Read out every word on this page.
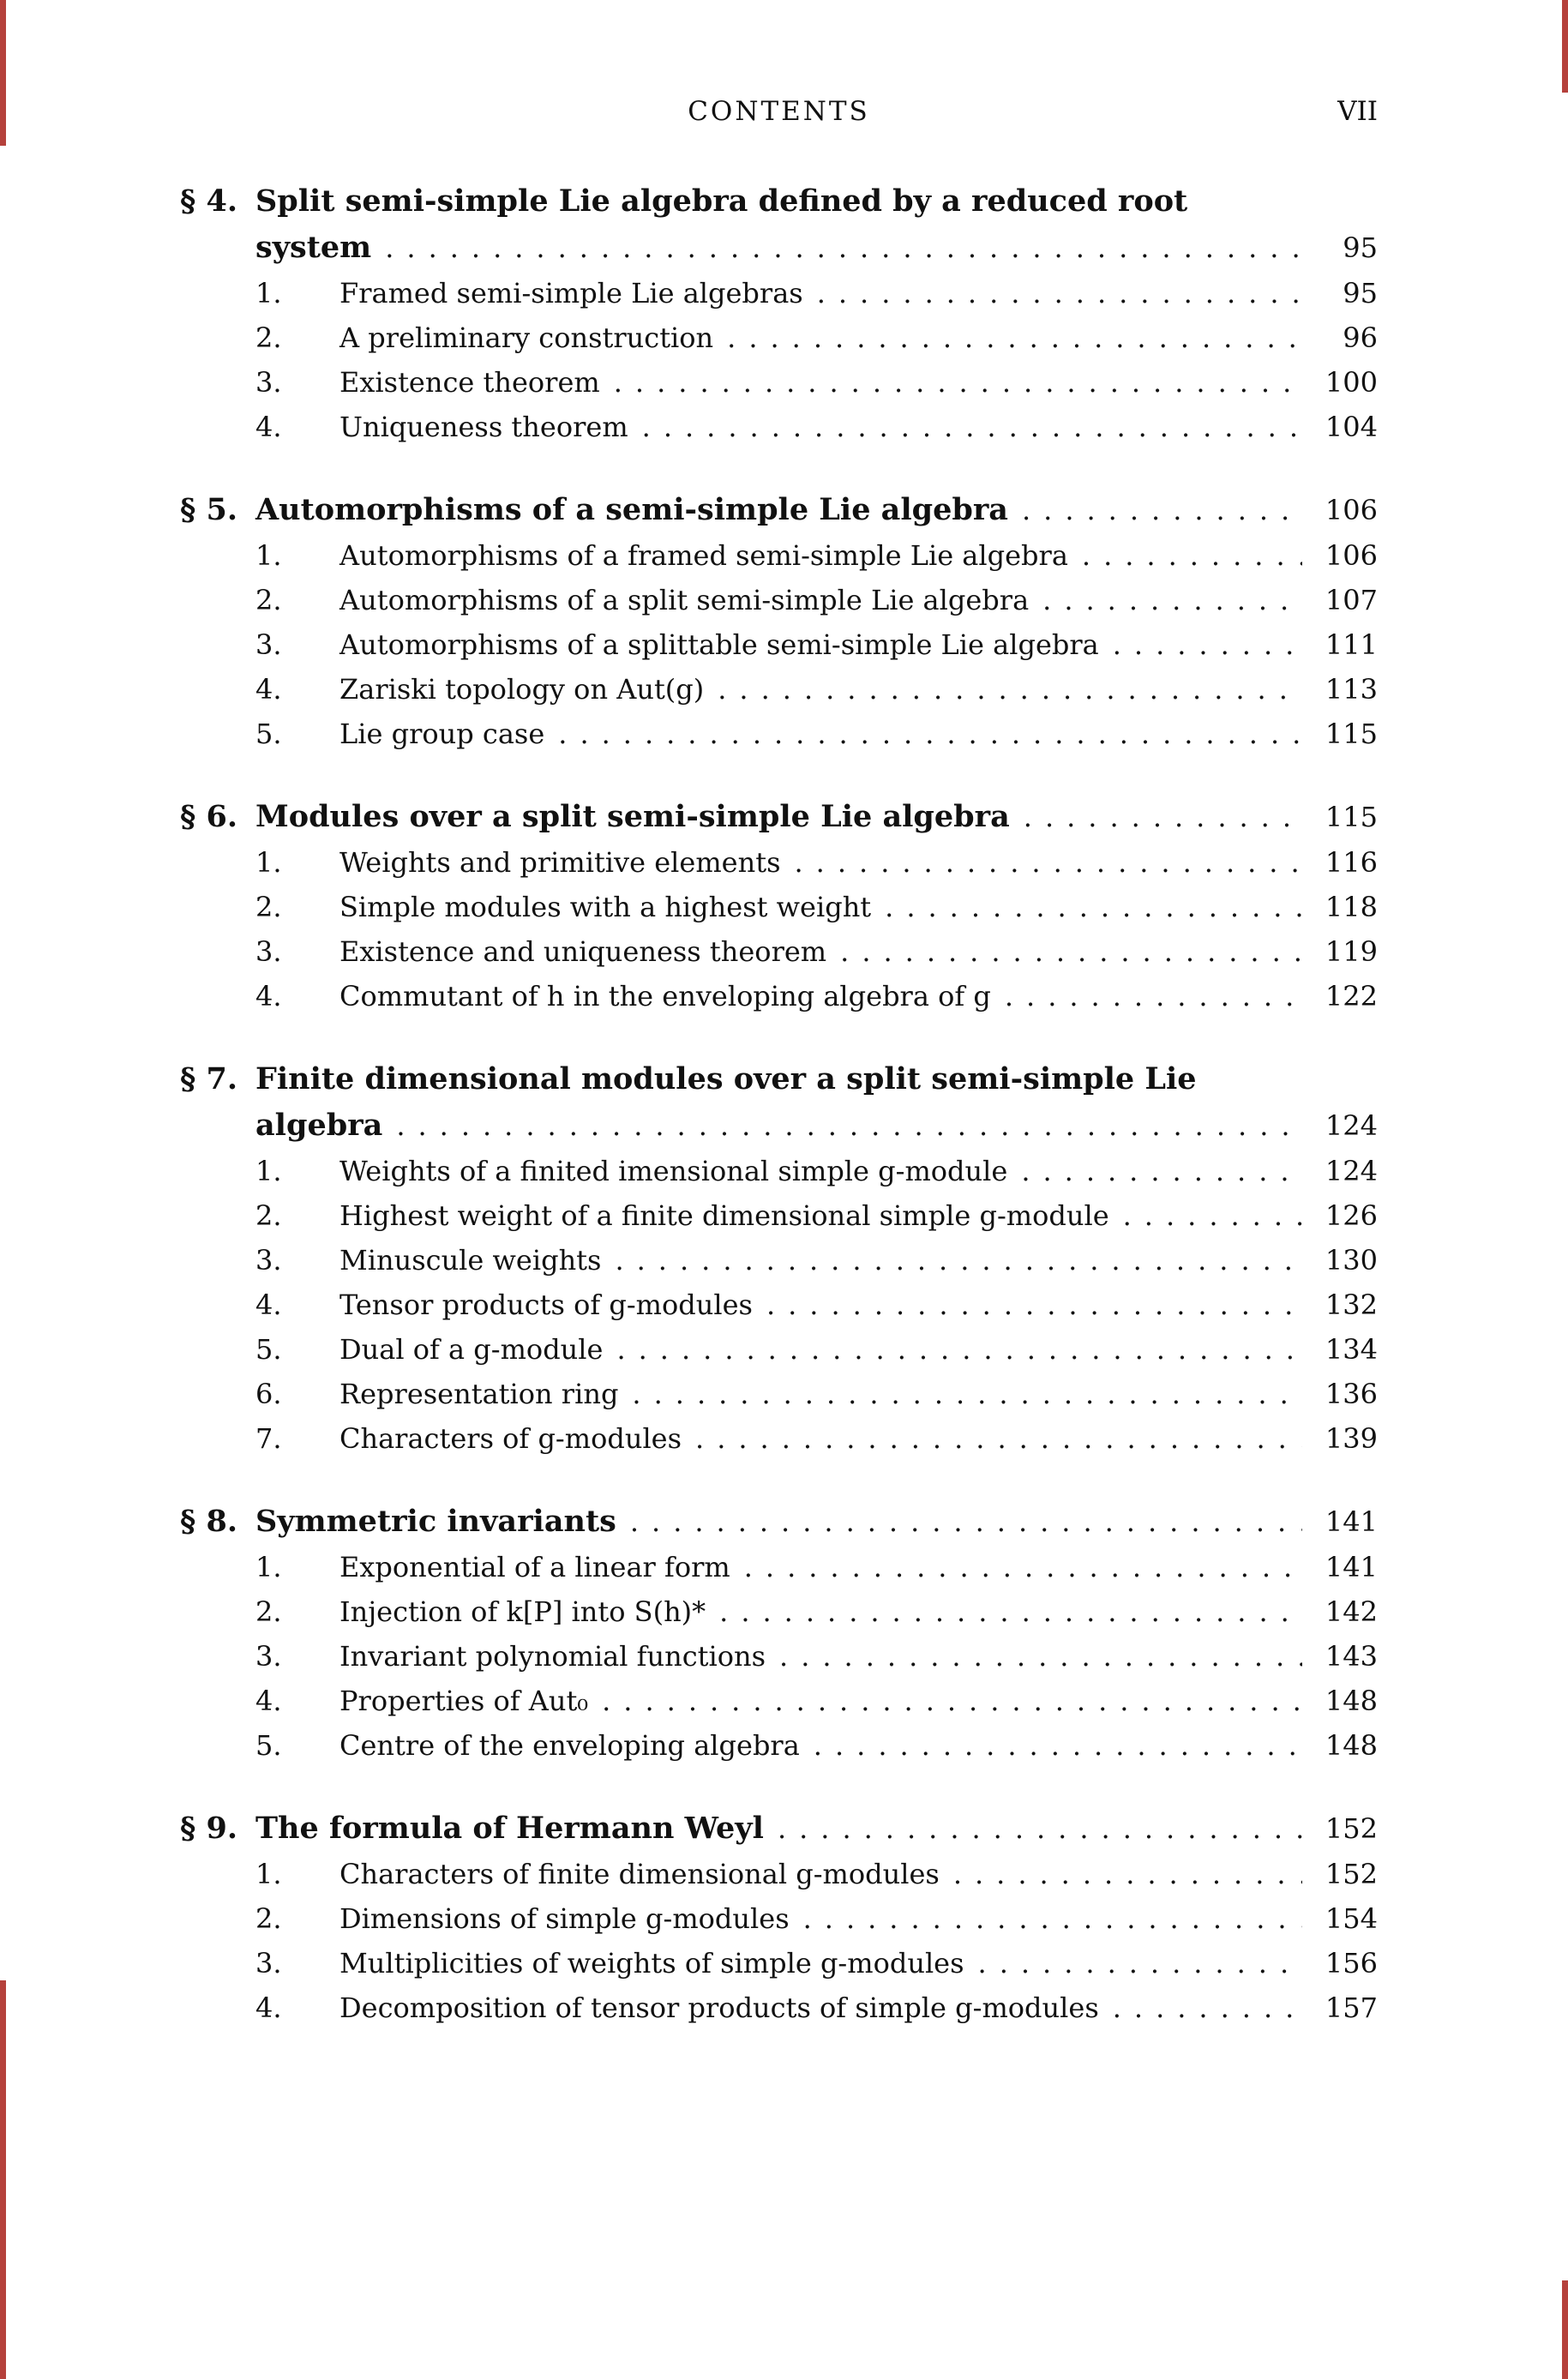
CONTENTS	VII
§ 4. Split semi-simple Lie algebra defined by a reduced root
system .....	95
1.	Framed semi-simple Lie algebras .....	95
2.	A preliminary construction .....	96
3.	Existence theorem .....	100
4.	Uniqueness theorem .....	104
§ 5. Automorphisms of a semi-simple Lie algebra .....	106
1.	Automorphisms of a framed semi-simple Lie algebra .....	106
2.	Automorphisms of a split semi-simple Lie algebra .....	107
3.	Automorphisms of a splittable semi-simple Lie algebra .....	111
4.	Zariski topology on Aut(g) .....	113
5.	Lie group case .....	115
§ 6. Modules over a split semi-simple Lie algebra .....	115
1.	Weights and primitive elements .....	116
2.	Simple modules with a highest weight .....	118
3.	Existence and uniqueness theorem .....	119
4.	Commutant of h in the enveloping algebra of g .....	122
§ 7. Finite dimensional modules over a split semi-simple Lie
algebra .....	124
1.	Weights of a finited imensional simple g-module .....	124
2.	Highest weight of a finite dimensional simple g-module .....	126
3.	Minuscule weights .....	130
4.	Tensor products of g-modules .....	132
5.	Dual of a g-module .....	134
6.	Representation ring .....	136
7.	Characters of g-modules .....	139
§ 8. Symmetric invariants .....	141
1.	Exponential of a linear form .....	141
2.	Injection of k[P] into S(h)* .....	142
3.	Invariant polynomial functions .....	143
4.	Properties of Aut₀ .....	148
5.	Centre of the enveloping algebra .....	148
§ 9. The formula of Hermann Weyl .....	152
1.	Characters of finite dimensional g-modules .....	152
2.	Dimensions of simple g-modules .....	154
3.	Multiplicities of weights of simple g-modules .....	156
4.	Decomposition of tensor products of simple g-modules .....	157
